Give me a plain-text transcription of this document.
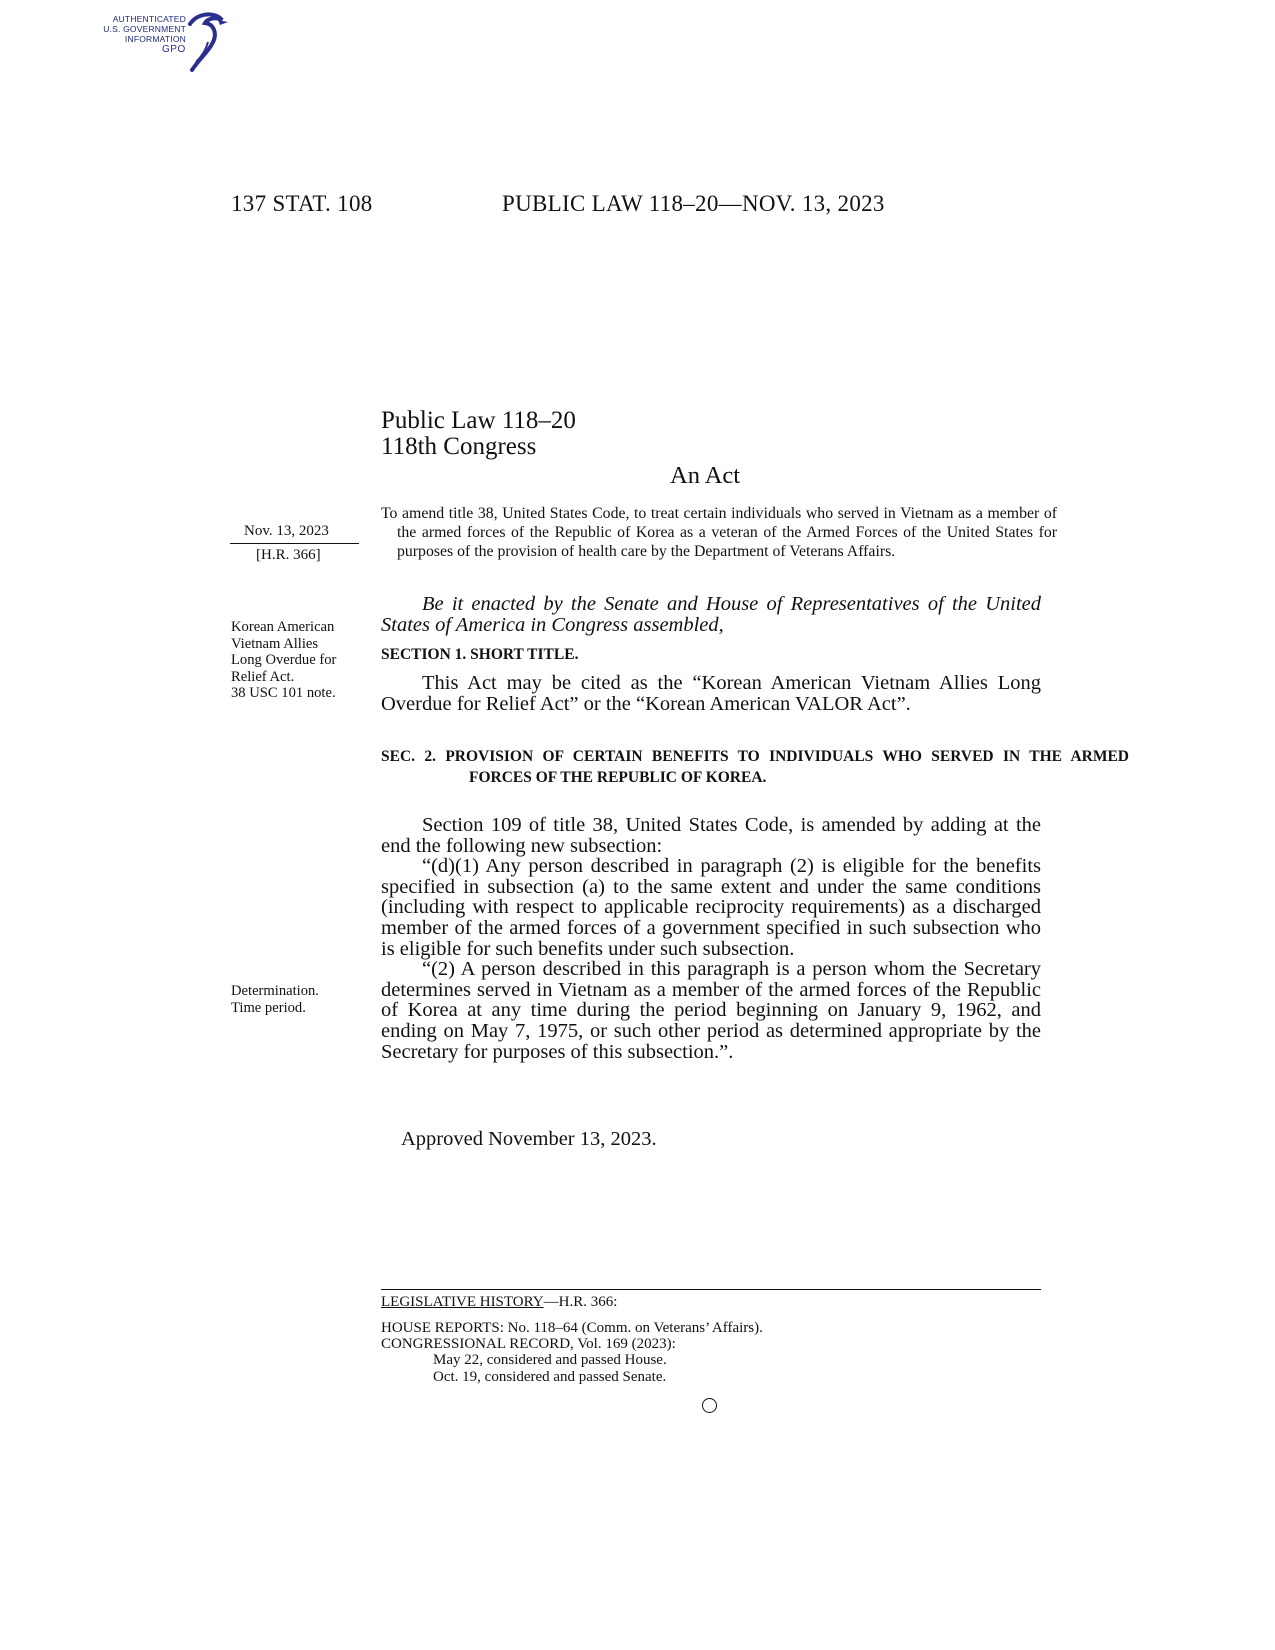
AUTHENTICATED
U.S. GOVERNMENT
INFORMATION
GPO
137 STAT. 108	PUBLIC LAW 118–20—NOV. 13, 2023
Public Law 118–20
118th Congress
An Act
Nov. 13, 2023
[H.R. 366]
Korean American
Vietnam Allies
Long Overdue for
Relief Act.
38 USC 101 note.
Determination.
Time period.
To amend title 38, United States Code, to treat certain individuals who served in Vietnam as a member of the armed forces of the Republic of Korea as a veteran of the Armed Forces of the United States for purposes of the provision of health care by the Department of Veterans Affairs.
Be it enacted by the Senate and House of Representatives of the United States of America in Congress assembled,
SECTION 1. SHORT TITLE.
This Act may be cited as the “Korean American Vietnam Allies Long Overdue for Relief Act” or the “Korean American VALOR Act”.
SEC. 2. PROVISION OF CERTAIN BENEFITS TO INDIVIDUALS WHO SERVED IN THE ARMED FORCES OF THE REPUBLIC OF KOREA.
Section 109 of title 38, United States Code, is amended by adding at the end the following new subsection:
“(d)(1) Any person described in paragraph (2) is eligible for the benefits specified in subsection (a) to the same extent and under the same conditions (including with respect to applicable reciprocity requirements) as a discharged member of the armed forces of a government specified in such subsection who is eligible for such benefits under such subsection.
“(2) A person described in this paragraph is a person whom the Secretary determines served in Vietnam as a member of the armed forces of the Republic of Korea at any time during the period beginning on January 9, 1962, and ending on May 7, 1975, or such other period as determined appropriate by the Secretary for purposes of this subsection.”.
Approved November 13, 2023.
LEGISLATIVE HISTORY—H.R. 366:
HOUSE REPORTS: No. 118–64 (Comm. on Veterans’ Affairs).
CONGRESSIONAL RECORD, Vol. 169 (2023):
May 22, considered and passed House.
Oct. 19, considered and passed Senate.
